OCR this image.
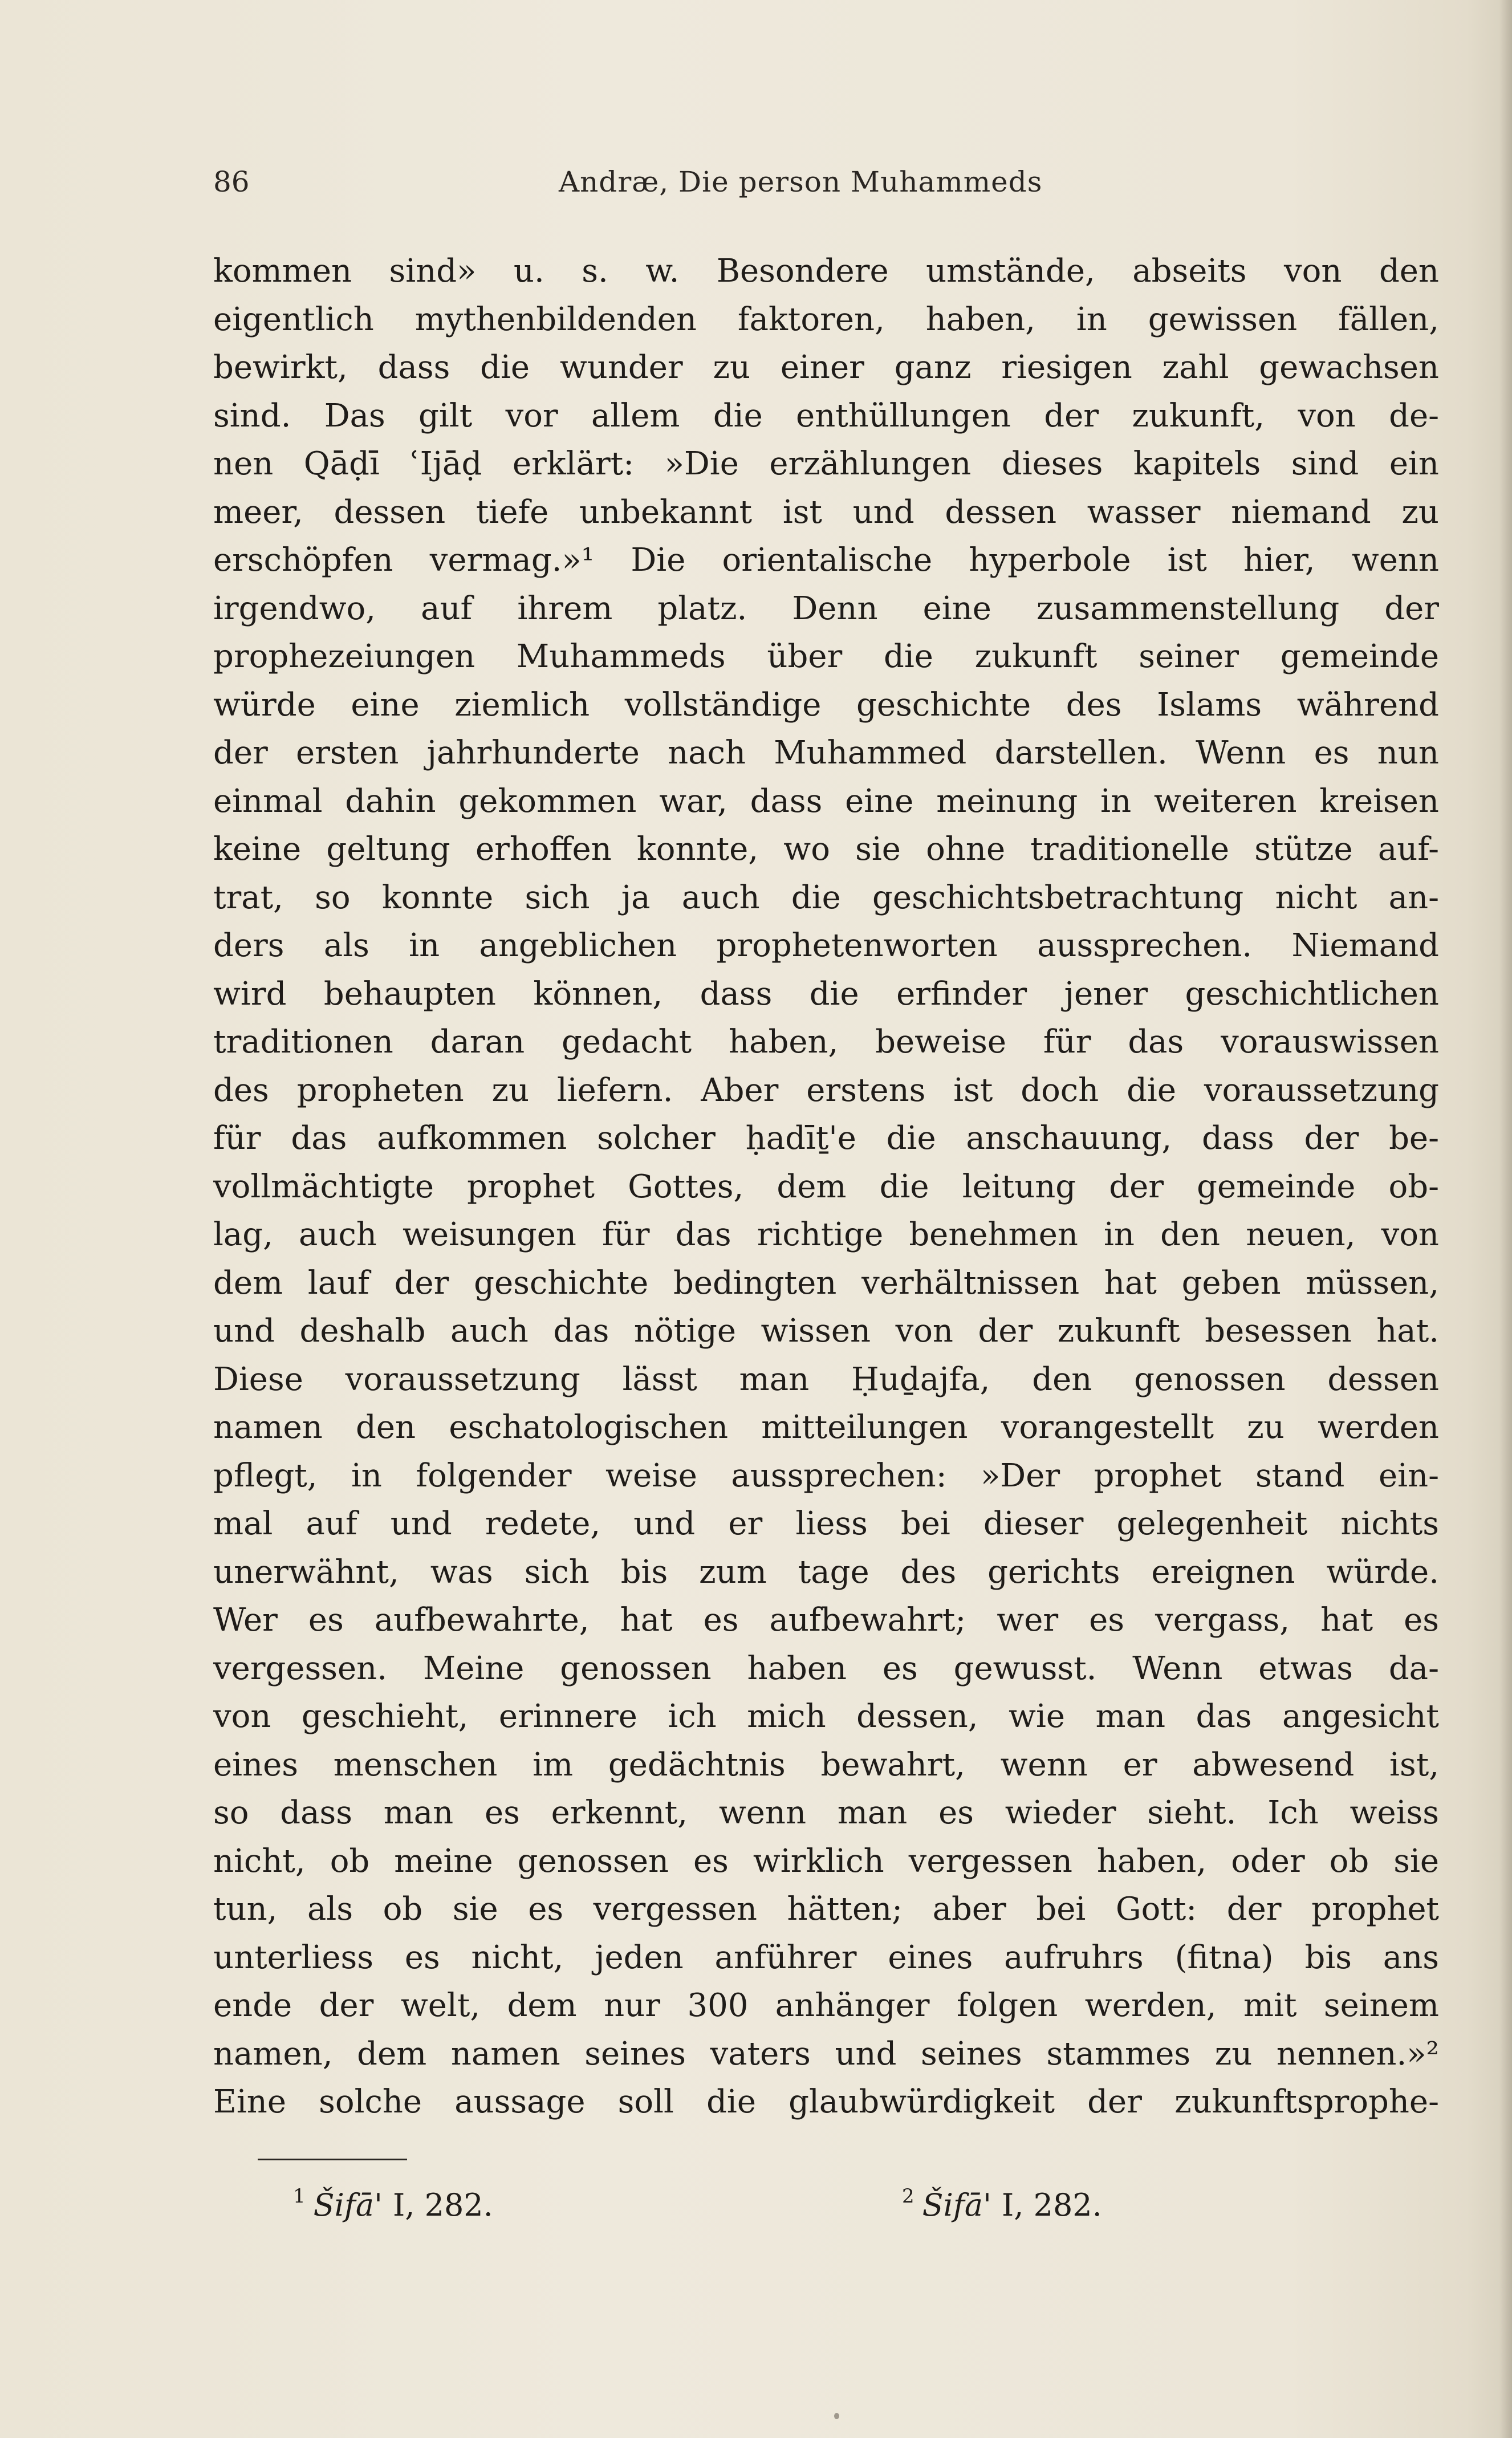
86	Andræ, Die person Muhammeds
kommen sind» u. s. w. Besondere umstände, abseits von den
eigentlich mythenbildenden faktoren, haben, in gewissen fällen,
bewirkt, dass die wunder zu einer ganz riesigen zahl gewachsen
sind. Das gilt vor allem die enthüllungen der zukunft, von de-
nen Qāḍī ʿIjāḍ erklärt: »Die erzählungen dieses kapitels sind ein
meer, dessen tiefe unbekannt ist und dessen wasser niemand zu
erschöpfen vermag.»¹ Die orientalische hyperbole ist hier, wenn
irgendwo, auf ihrem platz. Denn eine zusammenstellung der
prophezeiungen Muhammeds über die zukunft seiner gemeinde
würde eine ziemlich vollständige geschichte des Islams während
der ersten jahrhunderte nach Muhammed darstellen. Wenn es nun
einmal dahin gekommen war, dass eine meinung in weiteren kreisen
keine geltung erhoffen konnte, wo sie ohne traditionelle stütze auf-
trat, so konnte sich ja auch die geschichtsbetrachtung nicht an-
ders als in angeblichen prophetenworten aussprechen. Niemand
wird behaupten können, dass die erfinder jener geschichtlichen
traditionen daran gedacht haben, beweise für das vorauswissen
des propheten zu liefern. Aber erstens ist doch die voraussetzung
für das aufkommen solcher ḥadīṯ'e die anschauung, dass der be-
vollmächtigte prophet Gottes, dem die leitung der gemeinde ob-
lag, auch weisungen für das richtige benehmen in den neuen, von
dem lauf der geschichte bedingten verhältnissen hat geben müssen,
und deshalb auch das nötige wissen von der zukunft besessen hat.
Diese voraussetzung lässt man Ḥuḏajfa, den genossen dessen
namen den eschatologischen mitteilungen vorangestellt zu werden
pflegt, in folgender weise aussprechen: »Der prophet stand ein-
mal auf und redete, und er liess bei dieser gelegenheit nichts
unerwähnt, was sich bis zum tage des gerichts ereignen würde.
Wer es aufbewahrte, hat es aufbewahrt; wer es vergass, hat es
vergessen. Meine genossen haben es gewusst. Wenn etwas da-
von geschieht, erinnere ich mich dessen, wie man das angesicht
eines menschen im gedächtnis bewahrt, wenn er abwesend ist,
so dass man es erkennt, wenn man es wieder sieht. Ich weiss
nicht, ob meine genossen es wirklich vergessen haben, oder ob sie
tun, als ob sie es vergessen hätten; aber bei Gott: der prophet
unterliess es nicht, jeden anführer eines aufruhrs (fitna) bis ans
ende der welt, dem nur 300 anhänger folgen werden, mit seinem
namen, dem namen seines vaters und seines stammes zu nennen.»²
Eine solche aussage soll die glaubwürdigkeit der zukunftsprophe-
$^1$ Šifā' I, 282.	$^2$ Šifā' I, 282.
